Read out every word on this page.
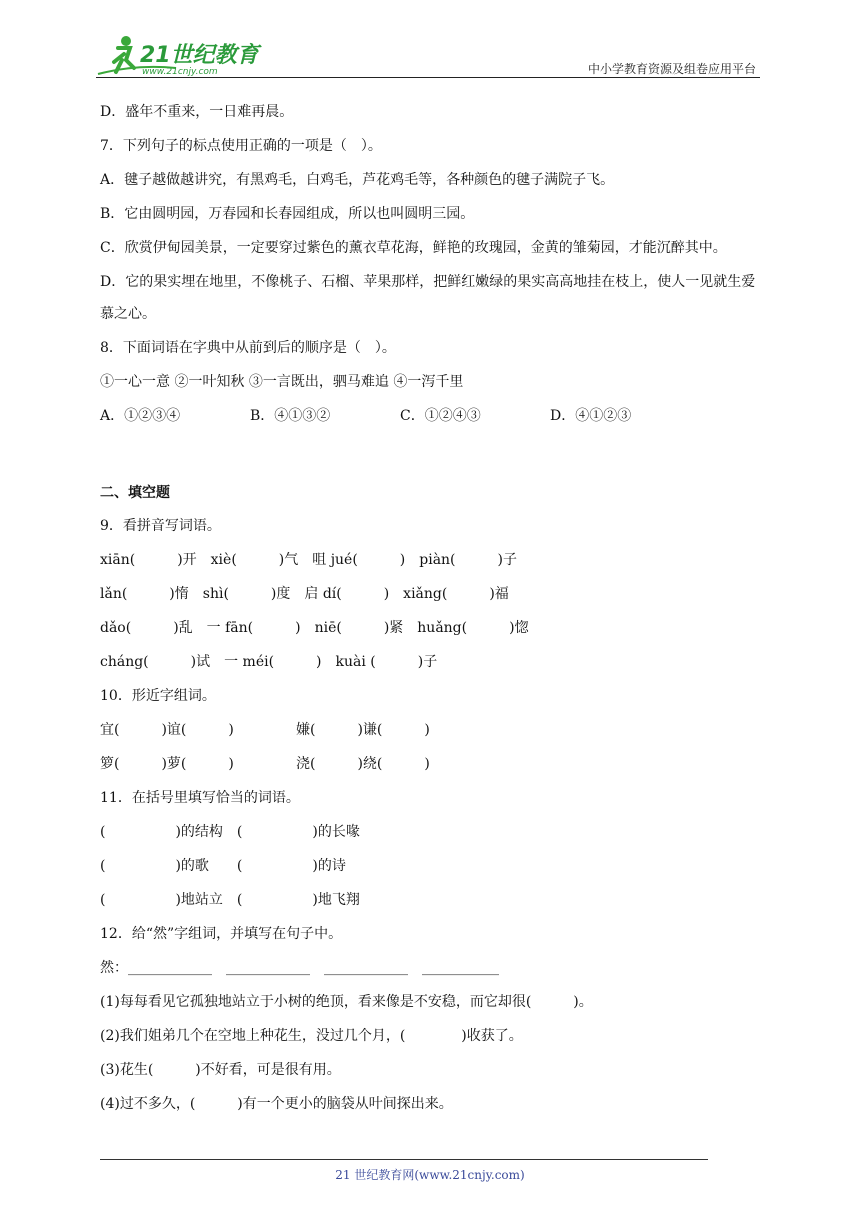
21世纪教育
www.21cnjy.com	中小学教育资源及组卷应用平台
D．盛年不重来，一日难再晨。
7．下列句子的标点使用正确的一项是（　）。
A．毽子越做越讲究，有黑鸡毛，白鸡毛，芦花鸡毛等，各种颜色的毽子满院子飞。
B．它由圆明园，万春园和长春园组成，所以也叫圆明三园。
C．欣赏伊甸园美景，一定要穿过紫色的薰衣草花海，鲜艳的玫瑰园，金黄的雏菊园，才能沉醉其中。
D．它的果实埋在地里，不像桃子、石榴、苹果那样，把鲜红嫩绿的果实高高地挂在枝上，使人一见就生爱慕之心。
8．下面词语在字典中从前到后的顺序是（　）。
①一心一意 ②一叶知秋 ③一言既出，驷马难追 ④一泻千里
A．①②③④	B．④①③②	C．①②④③	D．④①②③
二、填空题
9．看拼音写词语。
xiān(　　　)开　xiè(　　　)气　咀 jué(　　　)　piàn(　　　)子
lǎn(　　　)惰　shì(　　　)度　启 dí(　　　)　xiǎng(　　　)福
dǎo(　　　)乱　一 fān(　　　)　niē(　　　)紧　huǎng(　　　)惚
cháng(　　　)试　一 méi(　　　)　kuài (　　　)子
10．形近字组词。
宜(　　　)谊(　　　)	嫌(　　　)谦(　　　)
箩(　　　)萝(　　　)	浇(　　　)绕(　　　)
11．在括号里填写恰当的词语。
(　　　　　)的结构　(　　　　　)的长喙
(　　　　　)的歌　　(　　　　　)的诗
(　　　　　)地站立　(　　　　　)地飞翔
12．给“然”字组词，并填写在句子中。
然：____________　____________　____________　___________
(1)每每看见它孤独地站立于小树的绝顶，看来像是不安稳，而它却很(　　　)。
(2)我们姐弟几个在空地上种花生，没过几个月，(　　　　)收获了。
(3)花生(　　　)不好看，可是很有用。
(4)过不多久，(　　　)有一个更小的脑袋从叶间探出来。
21 世纪教育网(www.21cnjy.com)
